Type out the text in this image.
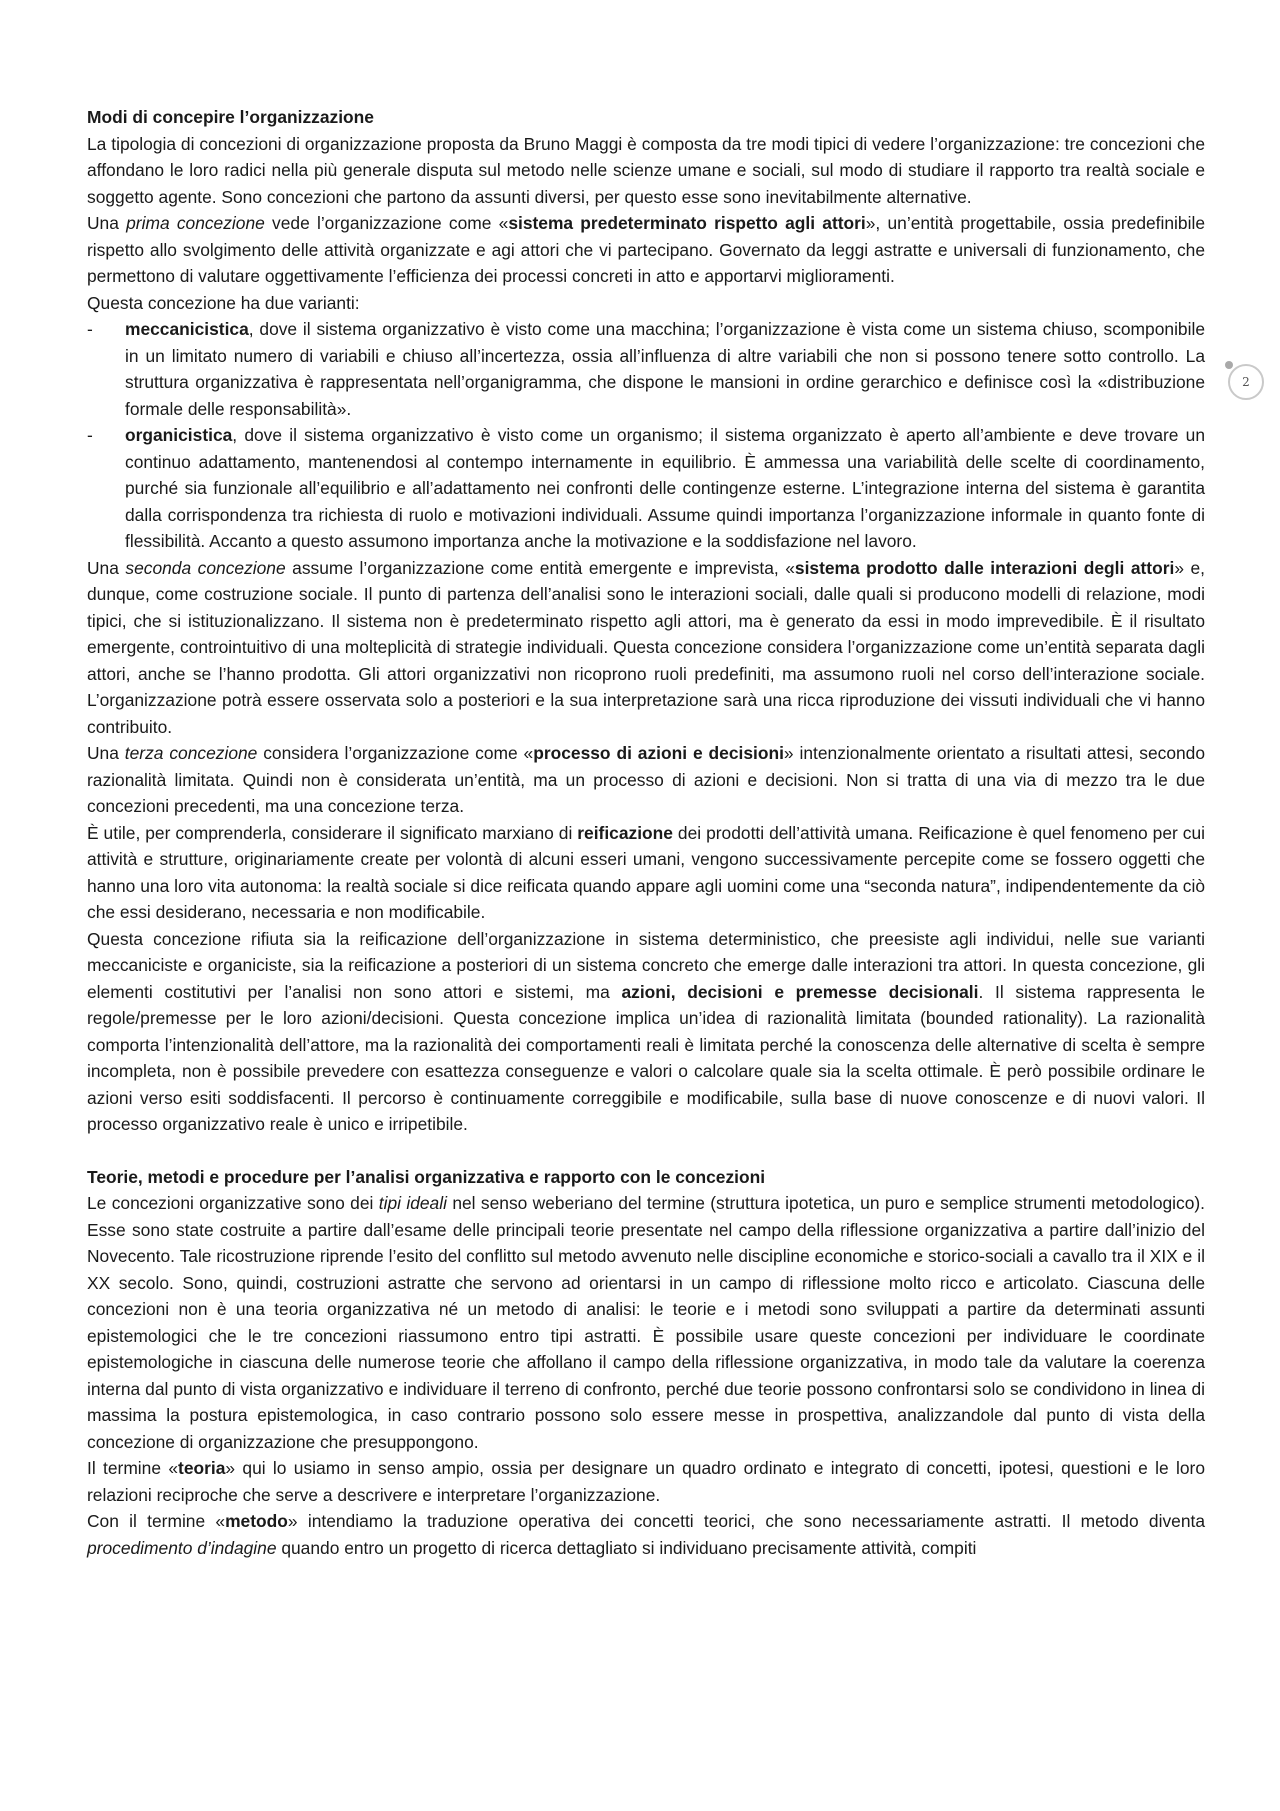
Modi di concepire l’organizzazione

La tipologia di concezioni di organizzazione proposta da Bruno Maggi è composta da tre modi tipici di vedere l’organizzazione: tre concezioni che affondano le loro radici nella più generale disputa sul metodo nelle scienze umane e sociali, sul modo di studiare il rapporto tra realtà sociale e soggetto agente. Sono concezioni che partono da assunti diversi, per questo esse sono inevitabilmente alternative.

Una prima concezione vede l’organizzazione come «sistema predeterminato rispetto agli attori», un’entità progettabile, ossia predefinibile rispetto allo svolgimento delle attività organizzate e agi attori che vi partecipano. Governato da leggi astratte e universali di funzionamento, che permettono di valutare oggettivamente l’efficienza dei processi concreti in atto e apportarvi miglioramenti.

Questa concezione ha due varianti:

- meccanicistica, dove il sistema organizzativo è visto come una macchina; l’organizzazione è vista come un sistema chiuso, scomponibile in un limitato numero di variabili e chiuso all’incertezza, ossia all’influenza di altre variabili che non si possono tenere sotto controllo. La struttura organizzativa è rappresentata nell’organigramma, che dispone le mansioni in ordine gerarchico e definisce così la «distribuzione formale delle responsabilità».
- organicistica, dove il sistema organizzativo è visto come un organismo; il sistema organizzato è aperto all’ambiente e deve trovare un continuo adattamento, mantenendosi al contempo internamente in equilibrio. È ammessa una variabilità delle scelte di coordinamento, purché sia funzionale all’equilibrio e all’adattamento nei confronti delle contingenze esterne. L’integrazione interna del sistema è garantita dalla corrispondenza tra richiesta di ruolo e motivazioni individuali. Assume quindi importanza l’organizzazione informale in quanto fonte di flessibilità. Accanto a questo assumono importanza anche la motivazione e la soddisfazione nel lavoro.

Una seconda concezione assume l’organizzazione come entità emergente e imprevista, «sistema prodotto dalle interazioni degli attori» e, dunque, come costruzione sociale. Il punto di partenza dell’analisi sono le interazioni sociali, dalle quali si producono modelli di relazione, modi tipici, che si istituzionalizzano. Il sistema non è predeterminato rispetto agli attori, ma è generato da essi in modo imprevedibile. È il risultato emergente, controintuitivo di una molteplicità di strategie individuali. Questa concezione considera l’organizzazione come un’entità separata dagli attori, anche se l’hanno prodotta. Gli attori organizzativi non ricoprono ruoli predefiniti, ma assumono ruoli nel corso dell’interazione sociale. L’organizzazione potrà essere osservata solo a posteriori e la sua interpretazione sarà una ricca riproduzione dei vissuti individuali che vi hanno contribuito.

Una terza concezione considera l’organizzazione come «processo di azioni e decisioni» intenzionalmente orientato a risultati attesi, secondo razionalità limitata. Quindi non è considerata un’entità, ma un processo di azioni e decisioni. Non si tratta di una via di mezzo tra le due concezioni precedenti, ma una concezione terza.

È utile, per comprenderla, considerare il significato marxiano di reificazione dei prodotti dell’attività umana. Reificazione è quel fenomeno per cui attività e strutture, originariamente create per volontà di alcuni esseri umani, vengono successivamente percepite come se fossero oggetti che hanno una loro vita autonoma: la realtà sociale si dice reificata quando appare agli uomini come una “seconda natura”, indipendentemente da ciò che essi desiderano, necessaria e non modificabile.

Questa concezione rifiuta sia la reificazione dell’organizzazione in sistema deterministico, che preesiste agli individui, nelle sue varianti meccaniciste e organiciste, sia la reificazione a posteriori di un sistema concreto che emerge dalle interazioni tra attori. In questa concezione, gli elementi costitutivi per l’analisi non sono attori e sistemi, ma azioni, decisioni e premesse decisionali. Il sistema rappresenta le regole/premesse per le loro azioni/decisioni. Questa concezione implica un’idea di razionalità limitata (bounded rationality). La razionalità comporta l’intenzionalità dell’attore, ma la razionalità dei comportamenti reali è limitata perché la conoscenza delle alternative di scelta è sempre incompleta, non è possibile prevedere con esattezza conseguenze e valori o calcolare quale sia la scelta ottimale. È però possibile ordinare le azioni verso esiti soddisfacenti. Il percorso è continuamente correggibile e modificabile, sulla base di nuove conoscenze e di nuovi valori. Il processo organizzativo reale è unico e irripetibile.

Teorie, metodi e procedure per l’analisi organizzativa e rapporto con le concezioni

Le concezioni organizzative sono dei tipi ideali nel senso weberiano del termine (struttura ipotetica, un puro e semplice strumenti metodologico). Esse sono state costruite a partire dall’esame delle principali teorie presentate nel campo della riflessione organizzativa a partire dall’inizio del Novecento. Tale ricostruzione riprende l’esito del conflitto sul metodo avvenuto nelle discipline economiche e storico-sociali a cavallo tra il XIX e il XX secolo. Sono, quindi, costruzioni astratte che servono ad orientarsi in un campo di riflessione molto ricco e articolato. Ciascuna delle concezioni non è una teoria organizzativa né un metodo di analisi: le teorie e i metodi sono sviluppati a partire da determinati assunti epistemologici che le tre concezioni riassumono entro tipi astratti. È possibile usare queste concezioni per individuare le coordinate epistemologiche in ciascuna delle numerose teorie che affollano il campo della riflessione organizzativa, in modo tale da valutare la coerenza interna dal punto di vista organizzativo e individuare il terreno di confronto, perché due teorie possono confrontarsi solo se condividono in linea di massima la postura epistemologica, in caso contrario possono solo essere messe in prospettiva, analizzandole dal punto di vista della concezione di organizzazione che presuppongono.

Il termine «teoria» qui lo usiamo in senso ampio, ossia per designare un quadro ordinato e integrato di concetti, ipotesi, questioni e le loro relazioni reciproche che serve a descrivere e interpretare l’organizzazione.

Con il termine «metodo» intendiamo la traduzione operativa dei concetti teorici, che sono necessariamente astratti. Il metodo diventa procedimento d’indagine quando entro un progetto di ricerca dettagliato si individuano precisamente attività, compiti

2
